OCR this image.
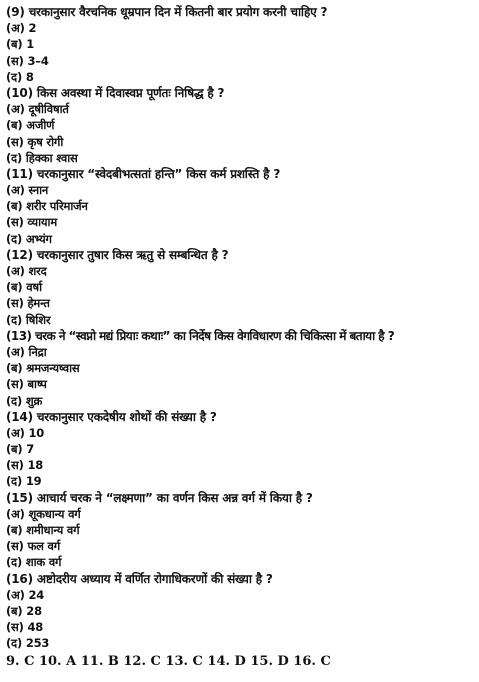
(9) चरकानुसार वैरचनिक धूम्रपान दिन में कितनी बार प्रयोग करनी चाहिए ?
(अ) 2
(ब) 1
(स) 3–4
(द) 8
(10) किस अवस्था में दिवास्वप्न पूर्णतः निषिद्ध है ?
(अ) दूषीविषार्त
(ब) अजीर्ण
(स) कृष रोगी
(द) हिक्का श्वास
(11) चरकानुसार “स्वेदबीभत्सतां हन्ति” किस कर्म प्रशस्ति है ?
(अ) स्नान
(ब) शरीर परिमार्जन
(स) व्यायाम
(द) अभ्यंग
(12) चरकानुसार तुषार किस ऋतु से सम्बन्धित है ?
(अ) शरद
(ब) वर्षा
(स) हेमन्त
(द) षिशिर
(13) चरक ने “स्वप्नो मद्यं प्रियाः कथाः” का निर्देष किस वेगविधारण की चिकित्सा में बताया है ?
(अ) निद्रा
(ब) श्रमजन्यष्वास
(स) बाष्प
(द) शुक्र
(14) चरकानुसार एकदेषीय शोथों की संख्या है ?
(अ) 10
(ब) 7
(स) 18
(द) 19
(15) आचार्य चरक ने “लक्ष्मणा” का वर्णन किस अन्न वर्ग में किया है ?
(अ) शूकधान्य वर्ग
(ब) शमीधान्य वर्ग
(स) फल वर्ग
(द) शाक वर्ग
(16) अष्टोदरीय अध्याय में वर्णित रोगाधिकरणों की संख्या है ?
(अ) 24
(ब) 28
(स) 48
(द) 253
9. C 10. A 11. B 12. C 13. C 14. D 15. D 16. C
